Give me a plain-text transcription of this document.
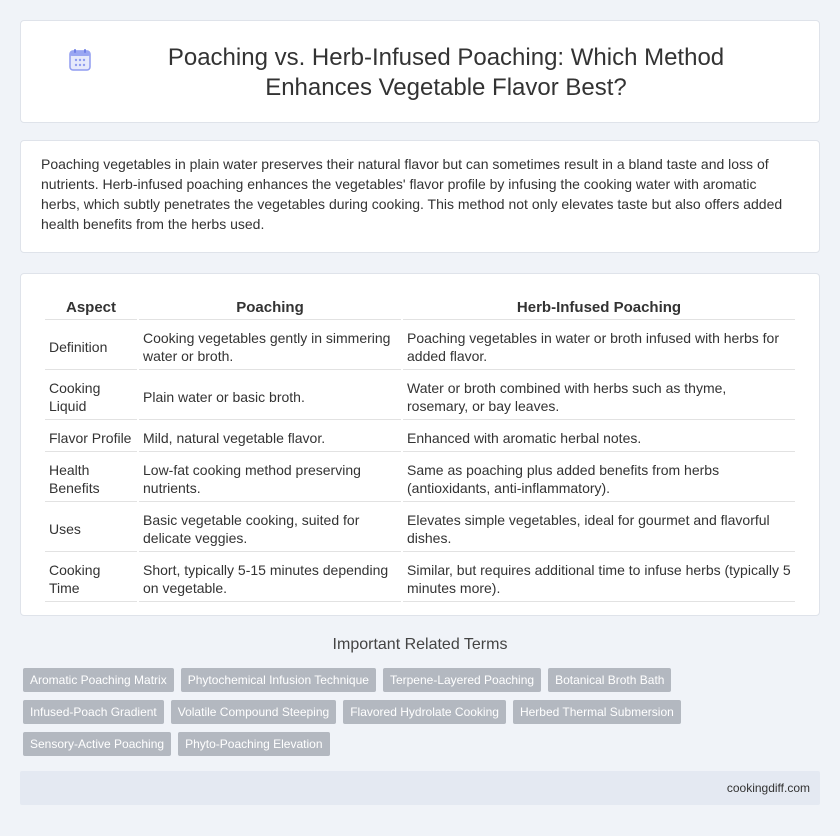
Poaching vs. Herb-Infused Poaching: Which Method Enhances Vegetable Flavor Best?

Poaching vegetables in plain water preserves their natural flavor but can sometimes result in a bland taste and loss of nutrients. Herb-infused poaching enhances the vegetables' flavor profile by infusing the cooking water with aromatic herbs, which subtly penetrates the vegetables during cooking. This method not only elevates taste but also offers added health benefits from the herbs used.

Aspect	Poaching	Herb-Infused Poaching
Definition	Cooking vegetables gently in simmering water or broth.	Poaching vegetables in water or broth infused with herbs for added flavor.
Cooking Liquid	Plain water or basic broth.	Water or broth combined with herbs such as thyme, rosemary, or bay leaves.
Flavor Profile	Mild, natural vegetable flavor.	Enhanced with aromatic herbal notes.
Health Benefits	Low-fat cooking method preserving nutrients.	Same as poaching plus added benefits from herbs (antioxidants, anti-inflammatory).
Uses	Basic vegetable cooking, suited for delicate veggies.	Elevates simple vegetables, ideal for gourmet and flavorful dishes.
Cooking Time	Short, typically 5-15 minutes depending on vegetable.	Similar, but requires additional time to infuse herbs (typically 5 minutes more).
Important Related Terms
Aromatic Poaching Matrix Phytochemical Infusion Technique Terpene-Layered Poaching Botanical Broth Bath
Infused-Poach Gradient Volatile Compound Steeping Flavored Hydrolate Cooking Herbed Thermal Submersion
Sensory-Active Poaching Phyto-Poaching Elevation
cookingdiff.com
